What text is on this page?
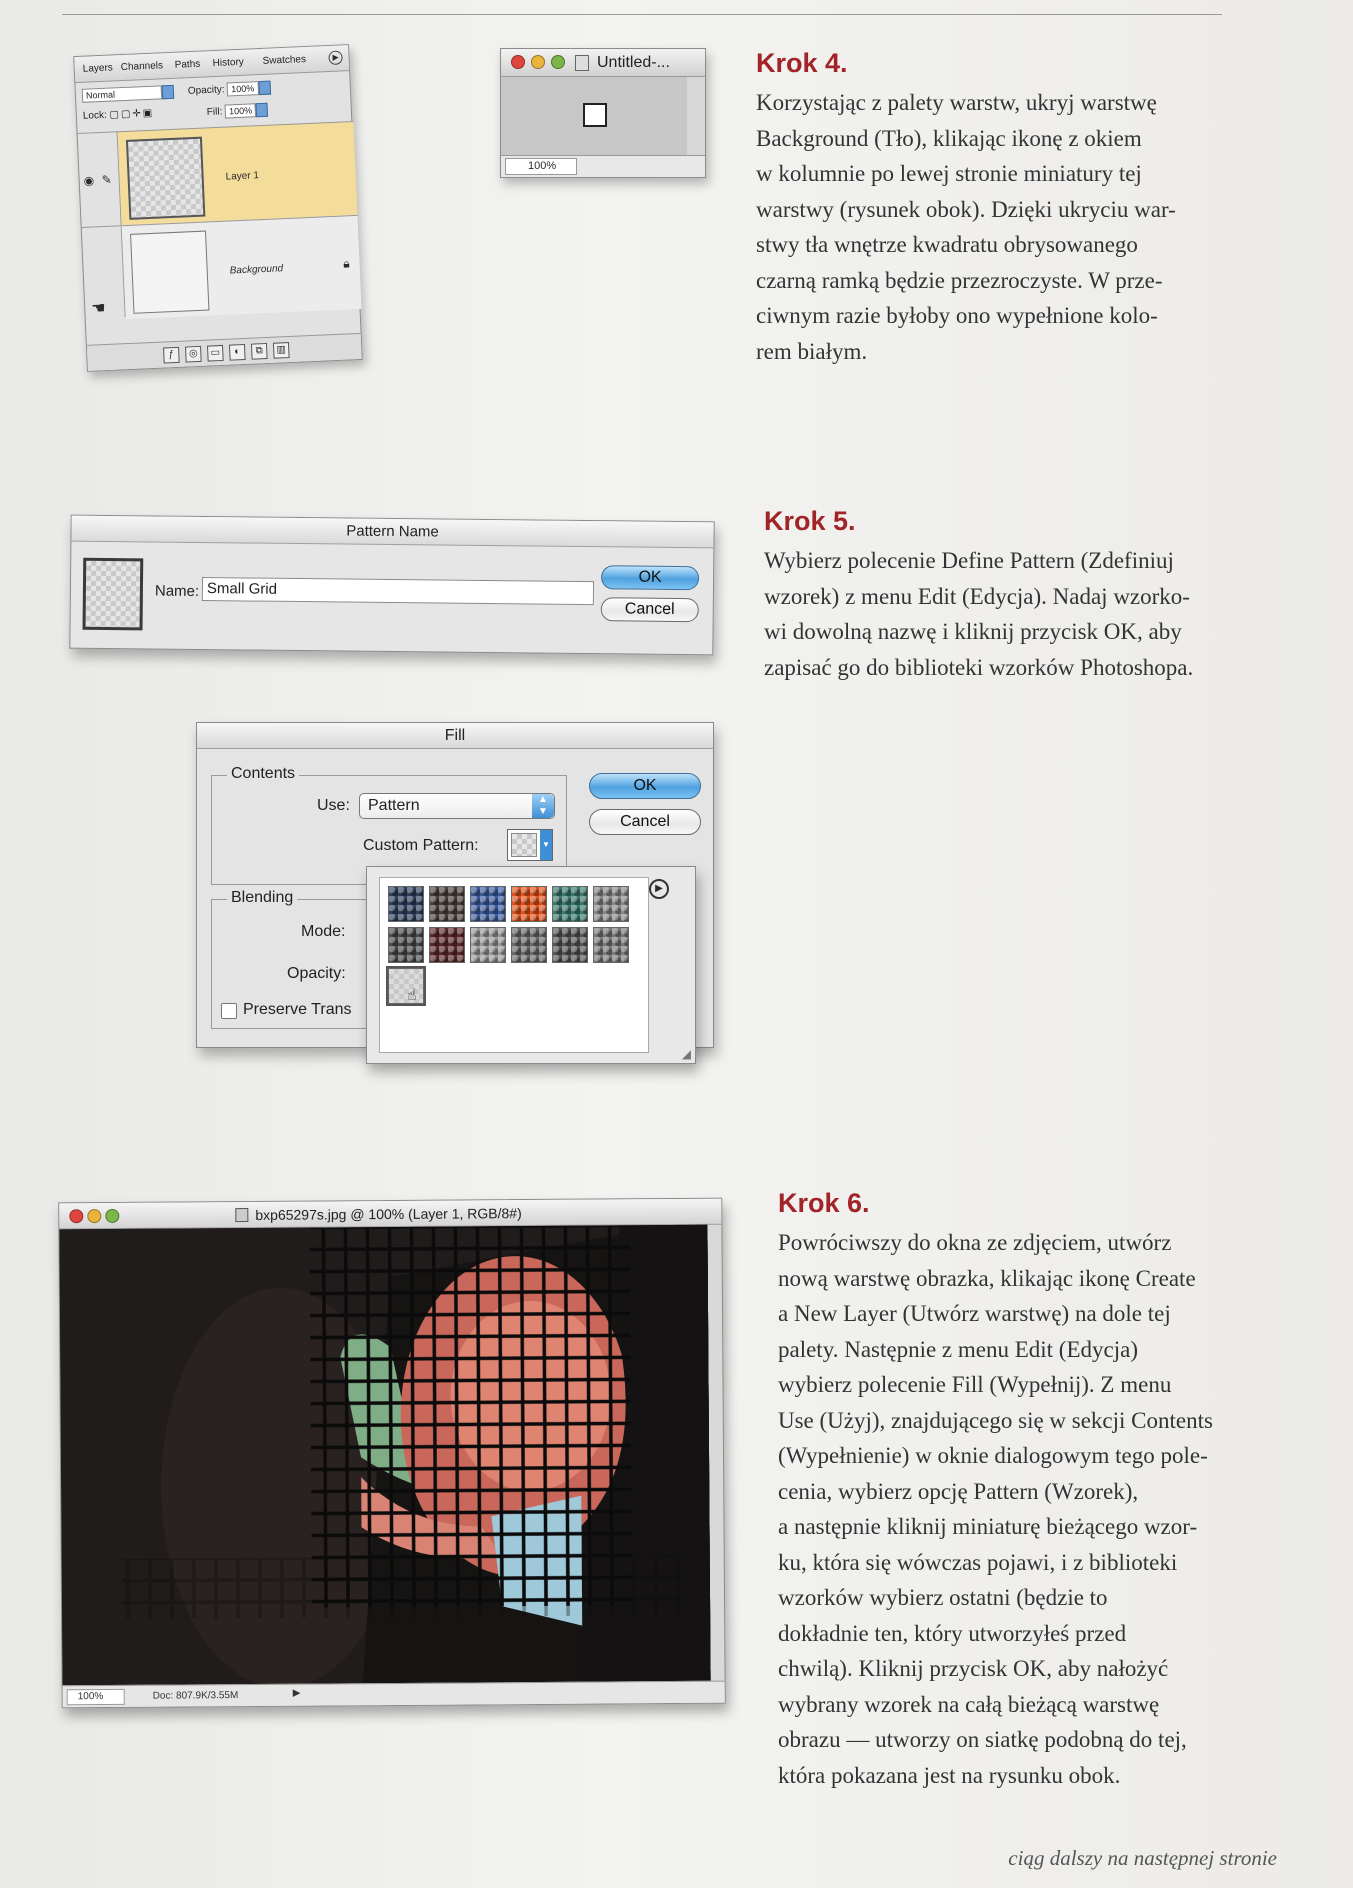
Layers Channels Paths History Swatches	▶
Normal	Opacity: 100%
Lock: ▢▢✛▣	Fill: 100%
◉ ✎	Layer 1
Background	🔒︎
☚
ƒ	◎	▭	◐	⧉	▥
Untitled-...
100%
Krok 4.

Korzystając z palety warstw, ukryj warstwę
Background (Tło), klikając ikonę z okiem
w kolumnie po lewej stronie miniatury tej
warstwy (rysunek obok). Dzięki ukryciu war-
stwy tła wnętrze kwadratu obrysowanego
czarną ramką będzie przezroczyste. W prze-
ciwnym razie byłoby ono wypełnione kolo-
rem białym.

Pattern Name
Name: Small Grid
OK
Cancel
Krok 5.

Wybierz polecenie Define Pattern (Zdefiniuj
wzorek) z menu Edit (Edycja). Nadaj wzorko-
wi dowolną nazwę i kliknij przycisk OK, aby
zapisać go do biblioteki wzorków Photoshopa.

Fill
Contents
Use:	Pattern	▲
▼
Custom Pattern:	▼
Blending
Mode:
Opacity:
Preserve Trans
OK
Cancel
☝
▶
◢
bxp65297s.jpg @ 100% (Layer 1, RGB/8#)
100%	Doc: 807.9K/3.55M	▶
Krok 6.

Powróciwszy do okna ze zdjęciem, utwórz
nową warstwę obrazka, klikając ikonę Create
a New Layer (Utwórz warstwę) na dole tej
palety. Następnie z menu Edit (Edycja)
wybierz polecenie Fill (Wypełnij). Z menu
Use (Użyj), znajdującego się w sekcji Contents
(Wypełnienie) w oknie dialogowym tego pole-
cenia, wybierz opcję Pattern (Wzorek),
a następnie kliknij miniaturę bieżącego wzor-
ku, która się wówczas pojawi, i z biblioteki
wzorków wybierz ostatni (będzie to
dokładnie ten, który utworzyłeś przed
chwilą). Kliknij przycisk OK, aby nałożyć
wybrany wzorek na całą bieżącą warstwę
obrazu — utworzy on siatkę podobną do tej,
która pokazana jest na rysunku obok.

ciąg dalszy na następnej stronie
